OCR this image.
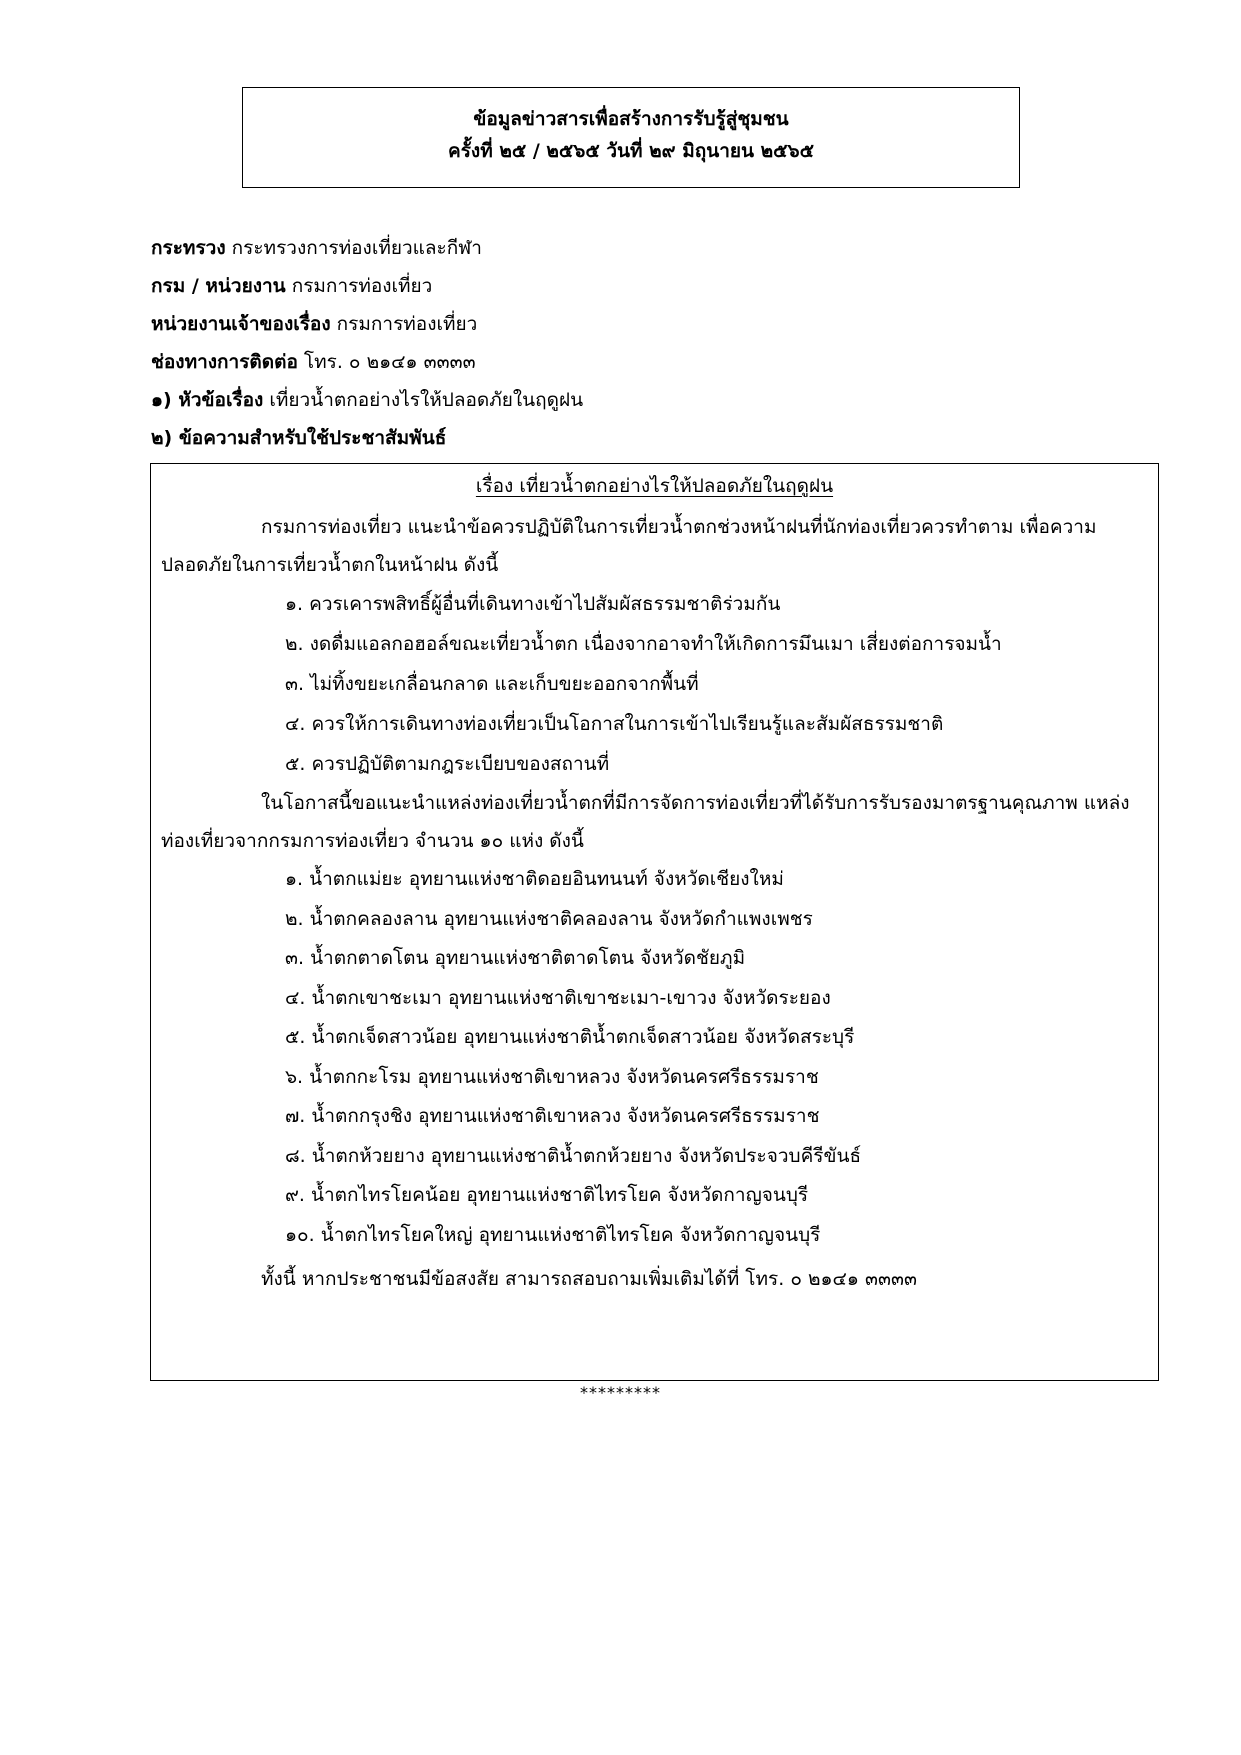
ข้อมูลข่าวสารเพื่อสร้างการรับรู้สู่ชุมชน
ครั้งที่ ๒๕ / ๒๕๖๕ วันที่ ๒๙ มิถุนายน ๒๕๖๕
กระทรวง กระทรวงการท่องเที่ยวและกีฬา
กรม / หน่วยงาน กรมการท่องเที่ยว
หน่วยงานเจ้าของเรื่อง กรมการท่องเที่ยว
ช่องทางการติดต่อ โทร. ๐ ๒๑๔๑ ๓๓๓๓
๑) หัวข้อเรื่อง เที่ยวน้ำตกอย่างไรให้ปลอดภัยในฤดูฝน
๒) ข้อความสำหรับใช้ประชาสัมพันธ์
เรื่อง เที่ยวน้ำตกอย่างไรให้ปลอดภัยในฤดูฝน

กรมการท่องเที่ยว แนะนำข้อควรปฏิบัติในการเที่ยวน้ำตกช่วงหน้าฝนที่นักท่องเที่ยวควรทำตาม เพื่อความปลอดภัยในการเที่ยวน้ำตกในหน้าฝน ดังนี้

๑. ควรเคารพสิทธิ์ผู้อื่นที่เดินทางเข้าไปสัมผัสธรรมชาติร่วมกัน
๒. งดดื่มแอลกอฮอล์ขณะเที่ยวน้ำตก เนื่องจากอาจทำให้เกิดการมึนเมา เสี่ยงต่อการจมน้ำ
๓. ไม่ทิ้งขยะเกลื่อนกลาด และเก็บขยะออกจากพื้นที่
๔. ควรให้การเดินทางท่องเที่ยวเป็นโอกาสในการเข้าไปเรียนรู้และสัมผัสธรรมชาติ
๕. ควรปฏิบัติตามกฎระเบียบของสถานที่

ในโอกาสนี้ขอแนะนำแหล่งท่องเที่ยวน้ำตกที่มีการจัดการท่องเที่ยวที่ได้รับการรับรองมาตรฐานคุณภาพ แหล่งท่องเที่ยวจากกรมการท่องเที่ยว จำนวน ๑๐ แห่ง ดังนี้

๑. น้ำตกแม่ยะ อุทยานแห่งชาติดอยอินทนนท์ จังหวัดเชียงใหม่
๒. น้ำตกคลองลาน อุทยานแห่งชาติคลองลาน จังหวัดกำแพงเพชร
๓. น้ำตกตาดโตน อุทยานแห่งชาติตาดโตน จังหวัดชัยภูมิ
๔. น้ำตกเขาชะเมา อุทยานแห่งชาติเขาชะเมา-เขาวง จังหวัดระยอง
๕. น้ำตกเจ็ดสาวน้อย อุทยานแห่งชาติน้ำตกเจ็ดสาวน้อย จังหวัดสระบุรี
๖. น้ำตกกะโรม อุทยานแห่งชาติเขาหลวง จังหวัดนครศรีธรรมราช
๗. น้ำตกกรุงชิง อุทยานแห่งชาติเขาหลวง จังหวัดนครศรีธรรมราช
๘. น้ำตกห้วยยาง อุทยานแห่งชาติน้ำตกห้วยยาง จังหวัดประจวบคีรีขันธ์
๙. น้ำตกไทรโยคน้อย อุทยานแห่งชาติไทรโยค จังหวัดกาญจนบุรี
๑๐. น้ำตกไทรโยคใหญ่ อุทยานแห่งชาติไทรโยค จังหวัดกาญจนบุรี
ทั้งนี้ หากประชาชนมีข้อสงสัย สามารถสอบถามเพิ่มเติมได้ที่ โทร. ๐ ๒๑๔๑ ๓๓๓๓
*********
